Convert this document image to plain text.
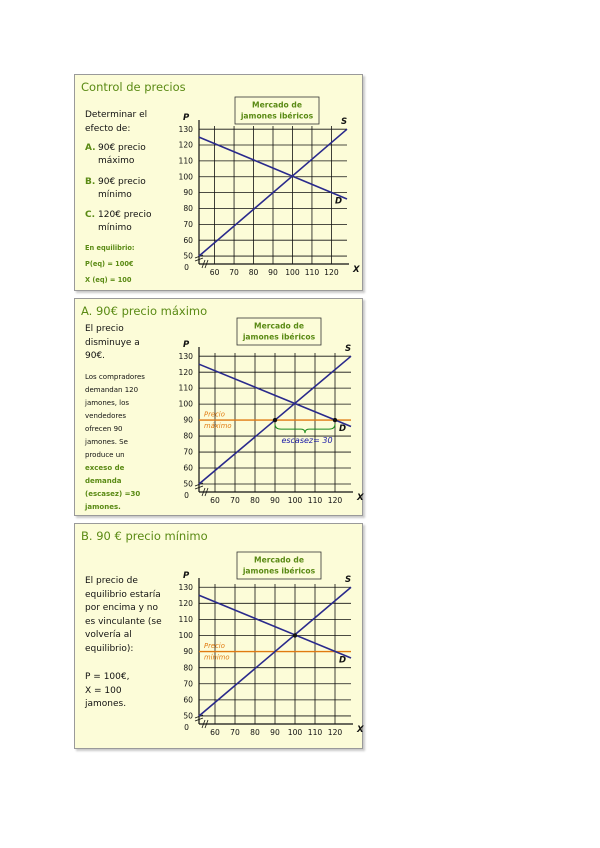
Control de precios
Determinar el
efecto de:
A. 90€ precio
máximo
B. 90€ precio
mínimo
C. 120€ precio
mínimo
En equilibrio:
P(eq) = 100€
X (eq) = 100
50
60
70
80
90
100
110
120
130
60 70 80 90 100 110 120
P
X
0
Mercado de
jamones ibéricos
S
D
A. 90€ precio máximo
El precio
disminuye a
90€.
Los compradores
demandan 120
jamones, los
vendedores
ofrecen 90
jamones. Se
produce un
exceso de
demanda
(escasez) =30
jamones.
50
60
70
80
90
100
110
120
130
60 70 80 90 100 110 120
P
X
0
Mercado de
jamones ibéricos
Precio
máximo
S
D
escasez= 30
B. 90 € precio mínimo
El precio de
equilibrio estaría
por encima y no
es vinculante (se
volvería al
equilibrio):
P = 100€,
X = 100
jamones.
50
60
70
80
90
100
110
120
130
60 70 80 90 100 110 120
P
X
0
Mercado de
jamones ibéricos
Precio
mínimo
S
D
